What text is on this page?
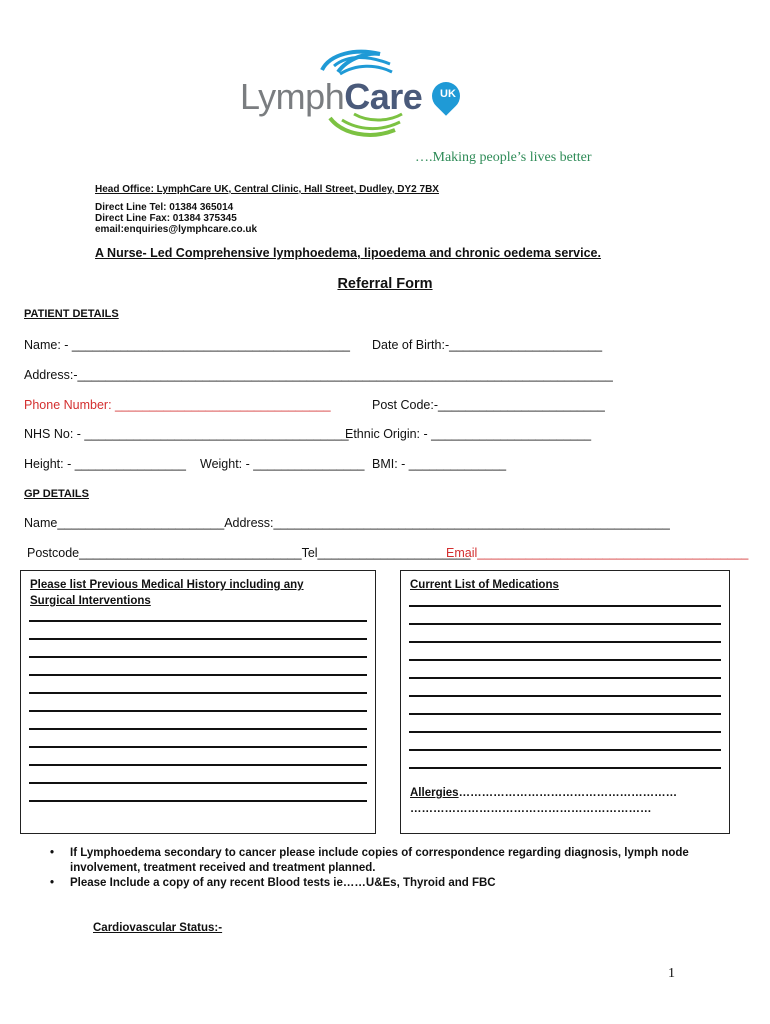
LymphCare	UK
….Making people’s lives better
Head Office: LymphCare UK, Central Clinic, Hall Street, Dudley, DY2 7BX
Direct Line Tel: 01384 365014
Direct Line Fax: 01384 375345
email:enquiries@lymphcare.co.uk
A Nurse- Led Comprehensive lymphoedema, lipoedema and chronic oedema service.
Referral Form
PATIENT DETAILS
Name: - ________________________________________ Date of Birth:-______________________
Address:-_____________________________________________________________________________
Phone Number: _______________________________	Post Code:-________________________
NHS No: - ______________________________________
Ethnic Origin: - _______________________
Height: - ________________ Weight: - ________________ BMI: - ______________
GP DETAILS
Name________________________Address:_________________________________________________________
Postcode________________________________Tel______________________
Email_______________________________________
Please list Previous Medical History including any Surgical Interventions
Current List of Medications
Allergies…………………………………………………
………………………………………………………
• If Lymphoedema secondary to cancer please include copies of correspondence regarding diagnosis, lymph node involvement, treatment received and treatment planned.
• Please Include a copy of any recent Blood tests ie……U&Es, Thyroid and FBC
Cardiovascular Status:-
1
